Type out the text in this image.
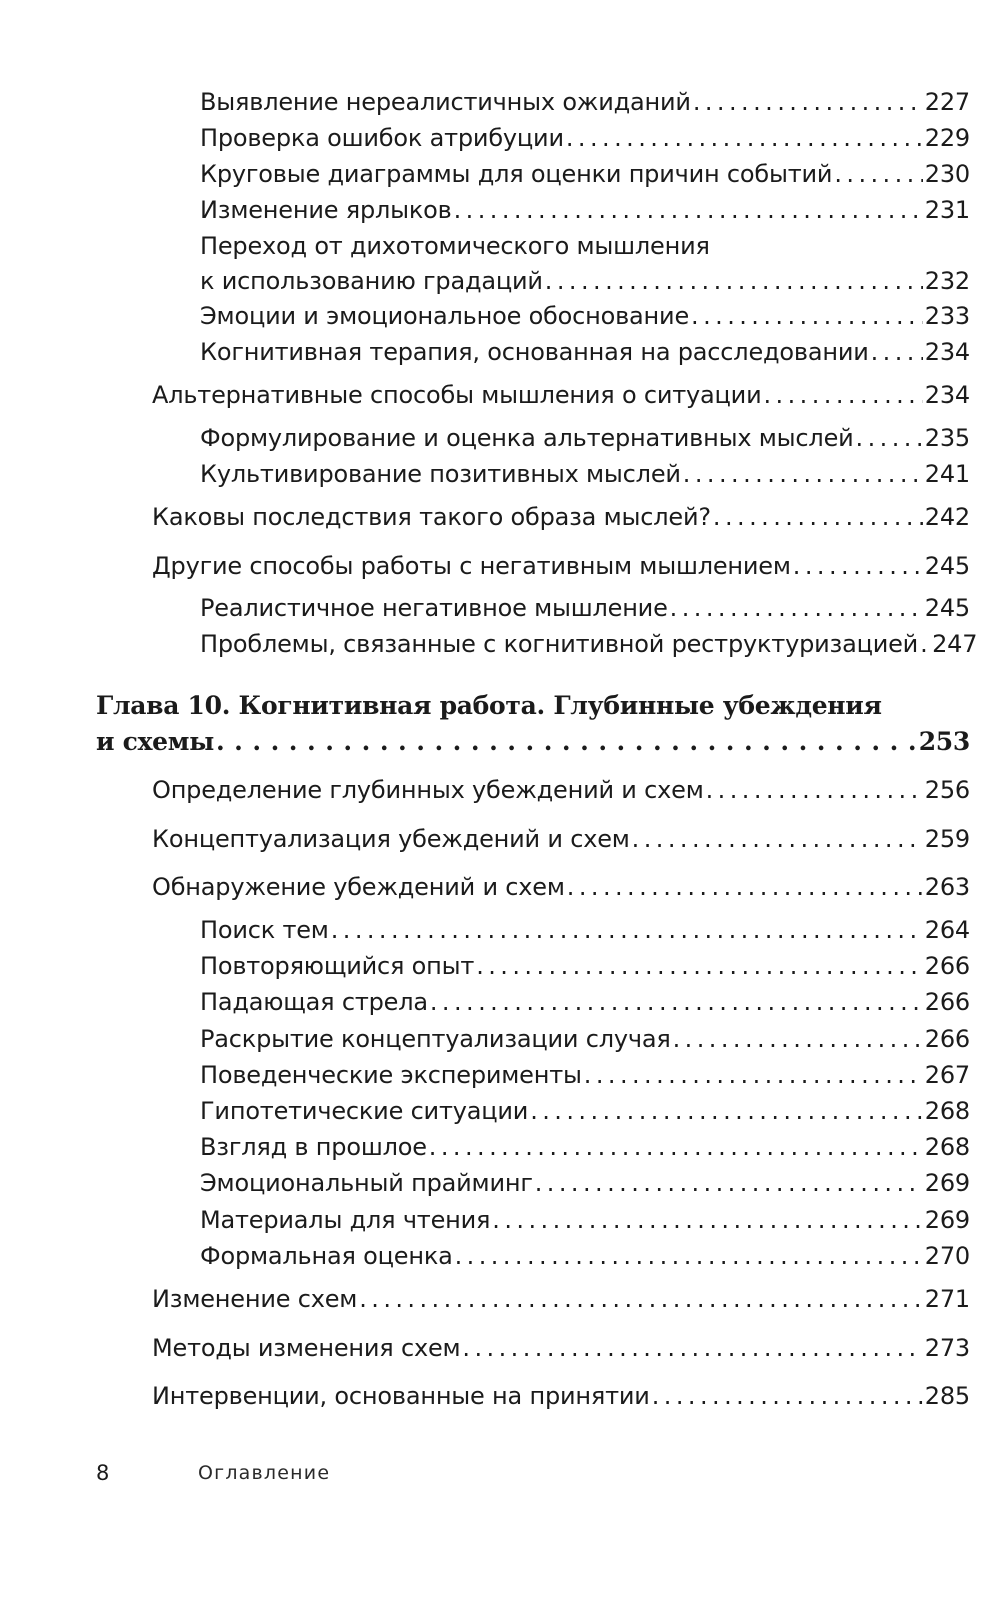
Выявление нереалистичных ожиданий . . .	227
Проверка ошибок атрибуции . . .	229
Круговые диаграммы для оценки причин событий . . .	230
Изменение ярлыков . . .	231
Переход от дихотомического мышления
к использованию градаций . . .	232
Эмоции и эмоциональное обоснование . . .	233
Когнитивная терапия, основанная на расследовании . . . 234
Альтернативные способы мышления о ситуации . . .	234
Формулирование и оценка альтернативных мыслей . . .	235
Культивирование позитивных мыслей . . .	241
Каковы последствия такого образа мыслей? . . .	242
Другие способы работы с негативным мышлением . . .	245
Реалистичное негативное мышление . . .	245
Проблемы, связанные с когнитивной реструктуризацией . . . 247
Глава 10. Когнитивная работа. Глубинные убеждения
и схемы . . .	253
Определение глубинных убеждений и схем . . .	256
Концептуализация убеждений и схем . . .	259
Обнаружение убеждений и схем . . .	263
Поиск тем . . .	264
Повторяющийся опыт . . .	266
Падающая стрела . . .	266
Раскрытие концептуализации случая . . .	266
Поведенческие эксперименты . . .	267
Гипотетические ситуации . . .	268
Взгляд в прошлое . . .	268
Эмоциональный прайминг . . .	269
Материалы для чтения . . .	269
Формальная оценка . . .	270
Изменение схем . . .	271
Методы изменения схем . . .	273
Интервенции, основанные на принятии . . .	285
8	Оглавление
